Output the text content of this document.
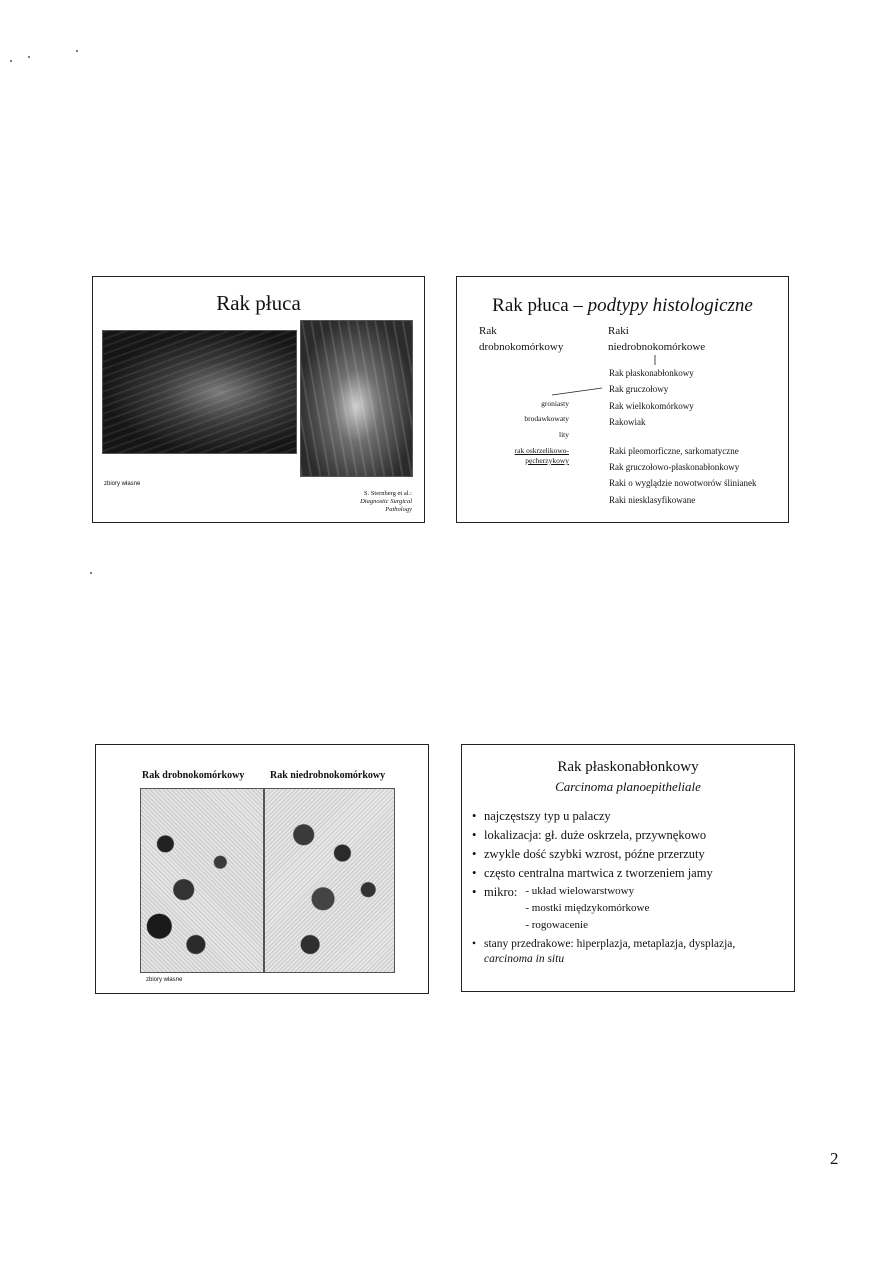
Rak płuca
zbiory własne
S. Sternberg et al.:
Diagnostic Surgical
Pathology
Rak płuca – podtypy histologiczne
Rak
drobnokomórkowy
Raki
niedrobnokomórkowe
groniasty
brodawkowaty
lity
rak oskrzelikowo-
pęcherzykowy
Rak płaskonabłonkowy
Rak gruczołowy
Rak wielkokomórkowy
Rakowiak
Raki pleomorficzne, sarkomatyczne
Rak gruczołowo-płaskonabłonkowy
Raki o wyglądzie nowotworów ślinianek
Raki niesklasyfikowane
Rak drobnokomórkowy	Rak niedrobnokomórkowy
zbiory własne
Rak płaskonabłonkowy
Carcinoma planoepitheliale
• najczęstszy typ u palaczy
• lokalizacja: gł. duże oskrzela, przywnękowo
• zwykle dość szybki wzrost, późne przerzuty
• często centralna martwica z tworzeniem jamy
• mikro: - układ wielowarstwowy
- mostki międzykomórkowe
- rogowacenie
• stany przedrakowe: hiperplazja, metaplazja, dysplazja, carcinoma in situ
2
